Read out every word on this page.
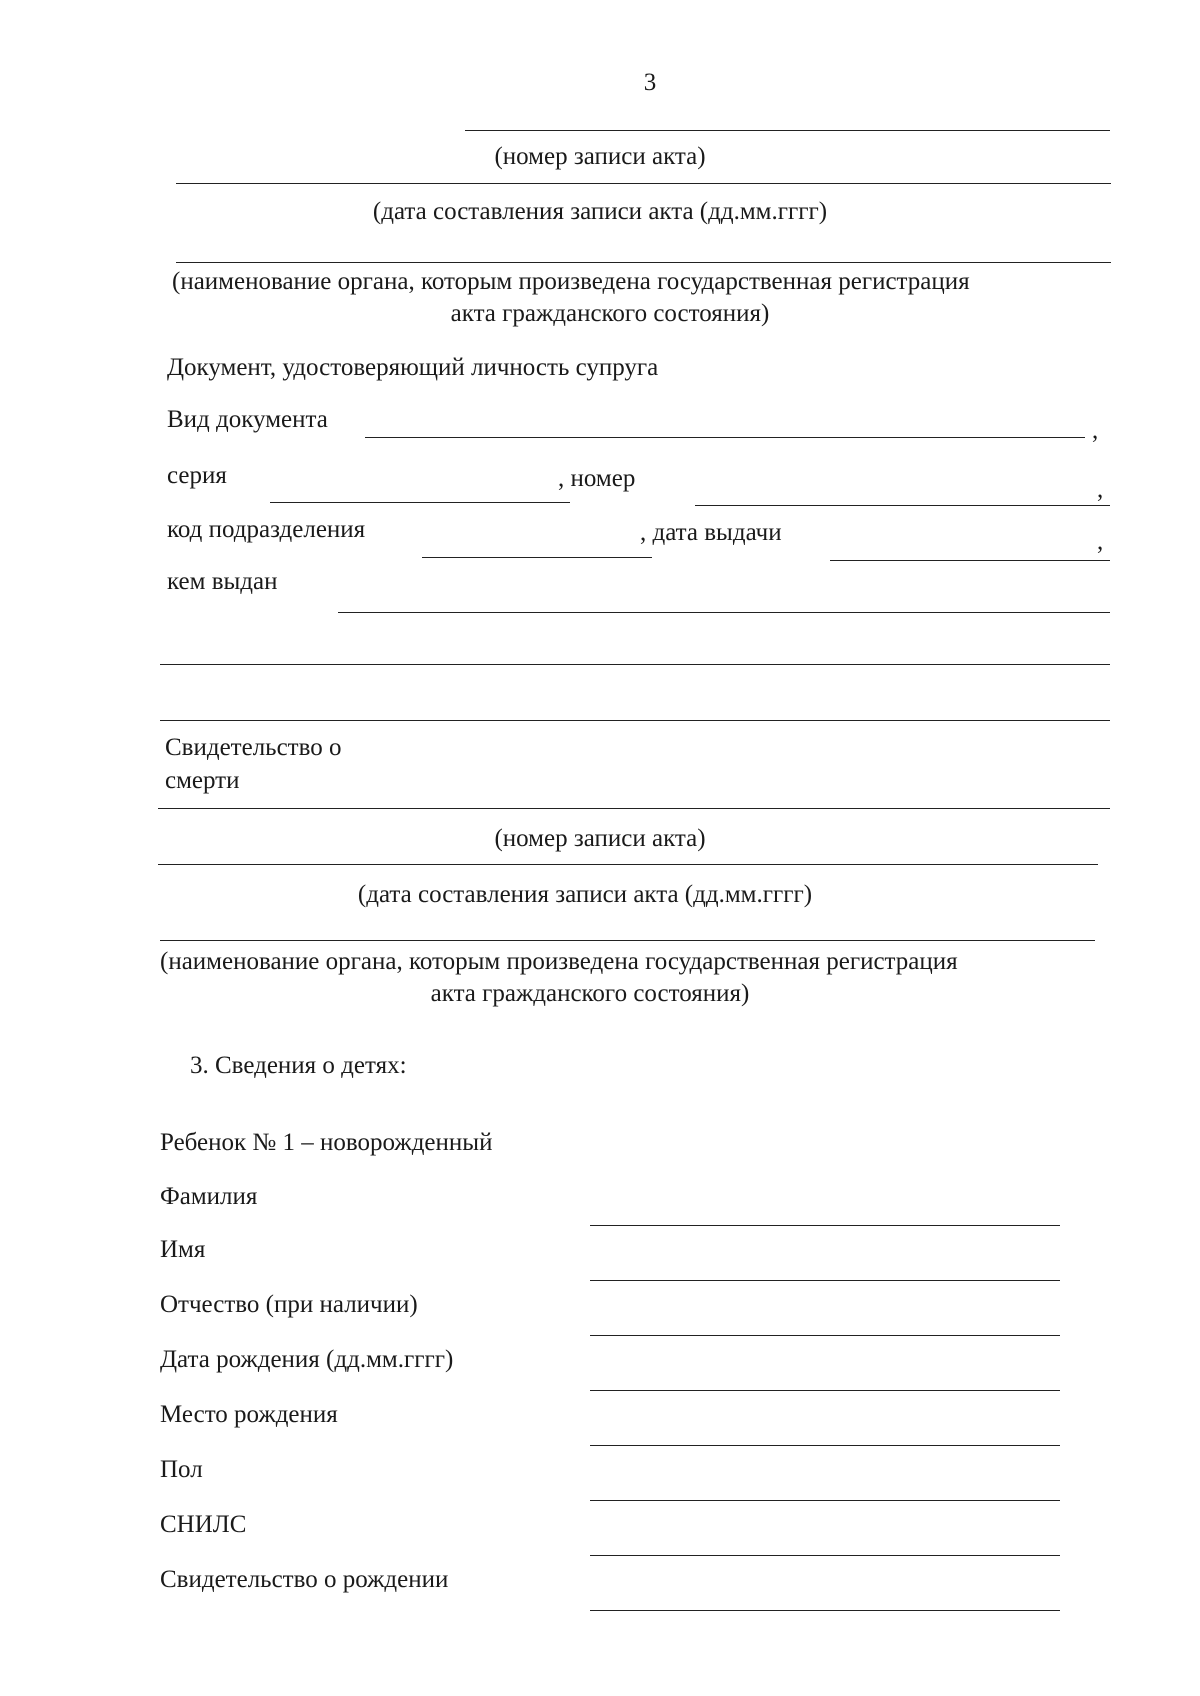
3
(номер записи акта)
(дата составления записи акта (дд.мм.гггг)
(наименование органа, которым произведена государственная регистрация
акта гражданского состояния)
Документ, удостоверяющий личность супруга
Вид документа	,
серия	, номер	,
код подразделения	, дата выдачи	,
кем выдан
Свидетельство о
смерти
(номер записи акта)
(дата составления записи акта (дд.мм.гггг)
(наименование органа, которым произведена государственная регистрация
акта гражданского состояния)
3. Сведения о детях:
Ребенок № 1 – новорожденный
Фамилия
Имя
Отчество (при наличии)
Дата рождения (дд.мм.гггг)
Место рождения
Пол
СНИЛС
Свидетельство о рождении
